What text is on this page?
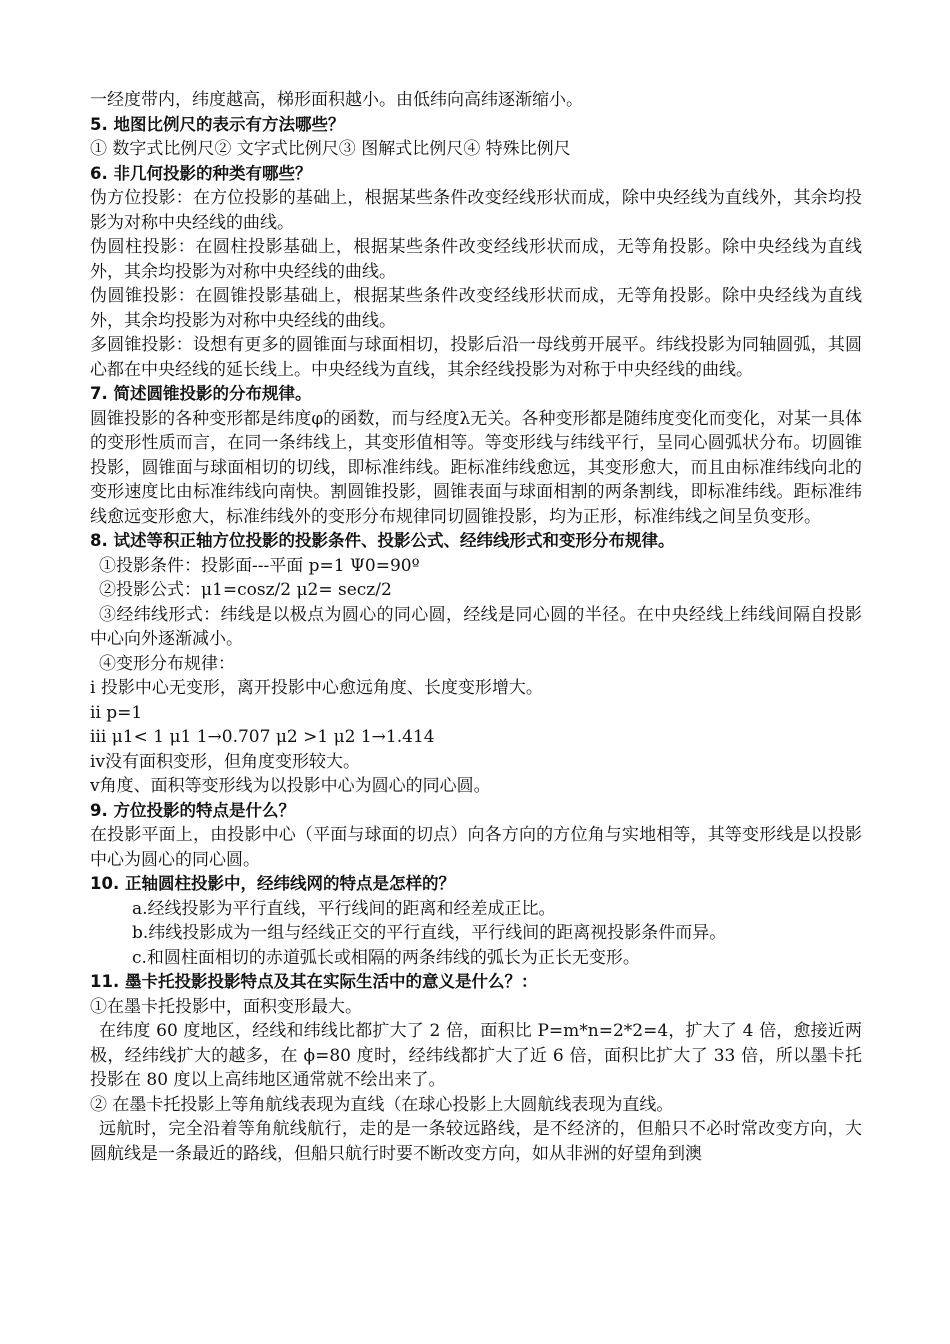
一经度带内，纬度越高，梯形面积越小。由低纬向高纬逐渐缩小。
5. 地图比例尺的表示有方法哪些？
① 数字式比例尺② 文字式比例尺③ 图解式比例尺④ 特殊比例尺
6. 非几何投影的种类有哪些？
伪方位投影：在方位投影的基础上，根据某些条件改变经线形状而成，除中央经线为直线外，其余均投影为对称中央经线的曲线。
伪圆柱投影：在圆柱投影基础上，根据某些条件改变经线形状而成，无等角投影。除中央经线为直线外，其余均投影为对称中央经线的曲线。
伪圆锥投影：在圆锥投影基础上，根据某些条件改变经线形状而成，无等角投影。除中央经线为直线外，其余均投影为对称中央经线的曲线。
多圆锥投影：设想有更多的圆锥面与球面相切，投影后沿一母线剪开展平。纬线投影为同轴圆弧，其圆心都在中央经线的延长线上。中央经线为直线，其余经线投影为对称于中央经线的曲线。
7. 简述圆锥投影的分布规律。
圆锥投影的各种变形都是纬度φ的函数，而与经度λ无关。各种变形都是随纬度变化而变化，对某一具体的变形性质而言，在同一条纬线上，其变形值相等。等变形线与纬线平行，呈同心圆弧状分布。切圆锥投影，圆锥面与球面相切的切线，即标准纬线。距标准纬线愈远，其变形愈大，而且由标准纬线向北的变形速度比由标准纬线向南快。割圆锥投影，圆锥表面与球面相割的两条割线，即标准纬线。距标准纬线愈远变形愈大，标准纬线外的变形分布规律同切圆锥投影，均为正形，标准纬线之间呈负变形。
8. 试述等积正轴方位投影的投影条件、投影公式、经纬线形式和变形分布规律。
①投影条件：投影面---平面 p=1 Ψ0=90º
②投影公式：μ1=cosz/2 μ2= secz/2
③经纬线形式：纬线是以极点为圆心的同心圆，经线是同心圆的半径。在中央经线上纬线间隔自投影中心向外逐渐减小。
④变形分布规律：
ⅰ 投影中心无变形，离开投影中心愈远角度、长度变形增大。
ⅱ p=1
ⅲ μ1< 1 μ1 1→0.707 μ2 >1 μ2 1→1.414
ⅳ没有面积变形，但角度变形较大。
ⅴ角度、面积等变形线为以投影中心为圆心的同心圆。
9. 方位投影的特点是什么？
在投影平面上，由投影中心（平面与球面的切点）向各方向的方位角与实地相等，其等变形线是以投影中心为圆心的同心圆。
10. 正轴圆柱投影中，经纬线网的特点是怎样的？
a.经线投影为平行直线，平行线间的距离和经差成正比。
b.纬线投影成为一组与经线正交的平行直线，平行线间的距离视投影条件而异。
c.和圆柱面相切的赤道弧长或相隔的两条纬线的弧长为正长无变形。
11. 墨卡托投影投影特点及其在实际生活中的意义是什么？：
①在墨卡托投影中，面积变形最大。
在纬度 60 度地区，经线和纬线比都扩大了 2 倍，面积比 P=m*n=2*2=4，扩大了 4 倍，愈接近两极，经纬线扩大的越多，在 ϕ=80 度时，经纬线都扩大了近 6 倍，面积比扩大了 33 倍，所以墨卡托投影在 80 度以上高纬地区通常就不绘出来了。
② 在墨卡托投影上等角航线表现为直线（在球心投影上大圆航线表现为直线。
远航时，完全沿着等角航线航行，走的是一条较远路线，是不经济的，但船只不必时常改变方向，大圆航线是一条最近的路线，但船只航行时要不断改变方向，如从非洲的好望角到澳
